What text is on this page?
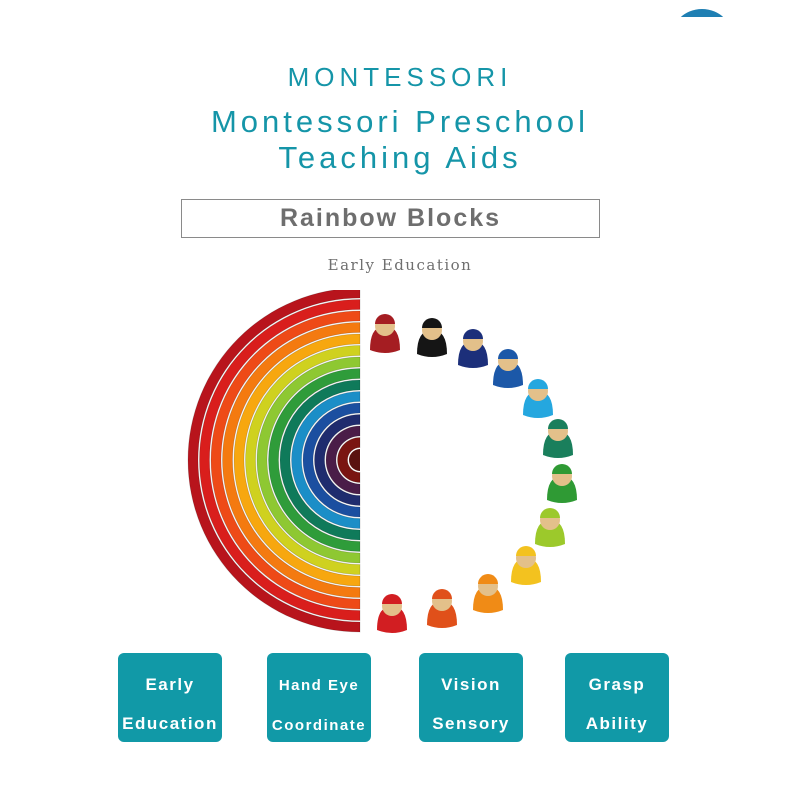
MONTESSORI
Montessori Preschool
Teaching Aids
Rainbow Blocks
Early Education
Early
Education
Hand Eye
Coordinate
Vision
Sensory
Grasp
Ability
